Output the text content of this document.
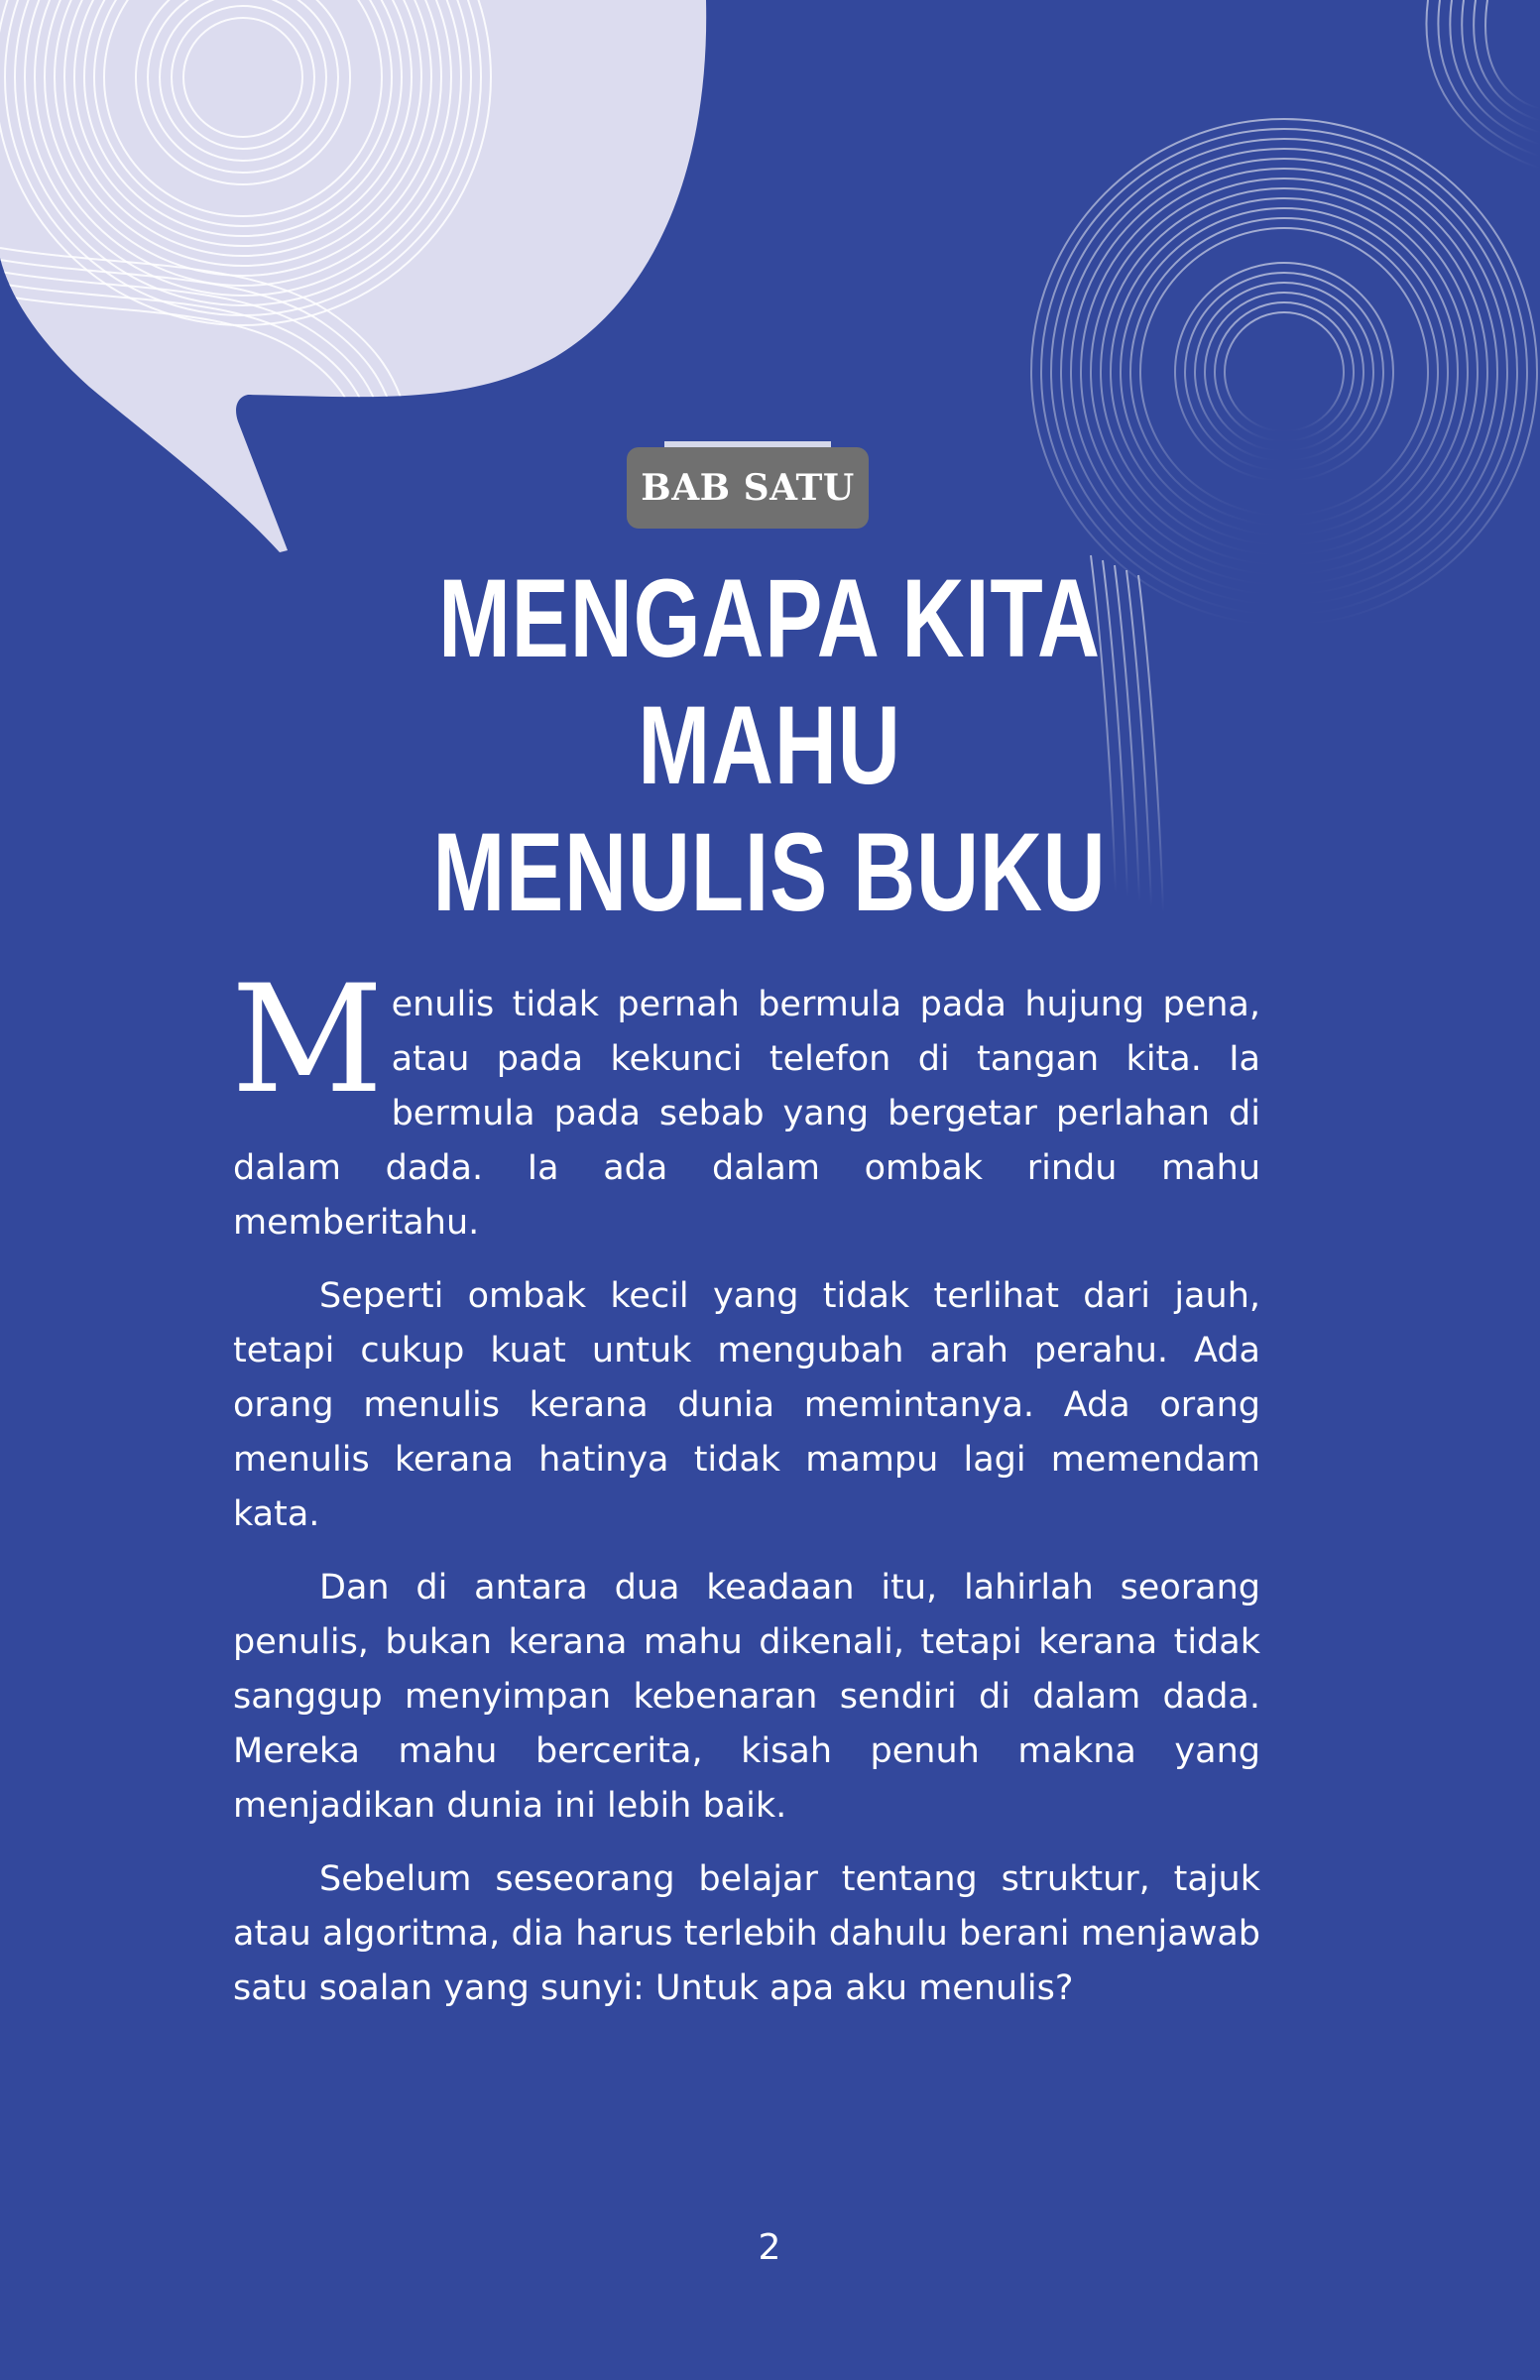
BAB SATU
MENGAPA KITA MAHU
MENULIS BUKU

Menulis tidak pernah bermula pada hujung pena, atau pada kekunci telefon di tangan kita. Ia bermula pada sebab yang bergetar perlahan di dalam dada. Ia ada dalam ombak rindu mahu memberitahu.

Seperti ombak kecil yang tidak terlihat dari jauh, tetapi cukup kuat untuk mengubah arah perahu. Ada orang menulis kerana dunia memintanya. Ada orang menulis kerana hatinya tidak mampu lagi memendam kata.

Dan di antara dua keadaan itu, lahirlah seorang penulis, bukan kerana mahu dikenali, tetapi kerana tidak sanggup menyimpan kebenaran sendiri di dalam dada. Mereka mahu bercerita, kisah penuh makna yang menjadikan dunia ini lebih baik.

Sebelum seseorang belajar tentang struktur, tajuk atau algoritma, dia harus terlebih dahulu berani menjawab satu soalan yang sunyi: Untuk apa aku menulis?

2
